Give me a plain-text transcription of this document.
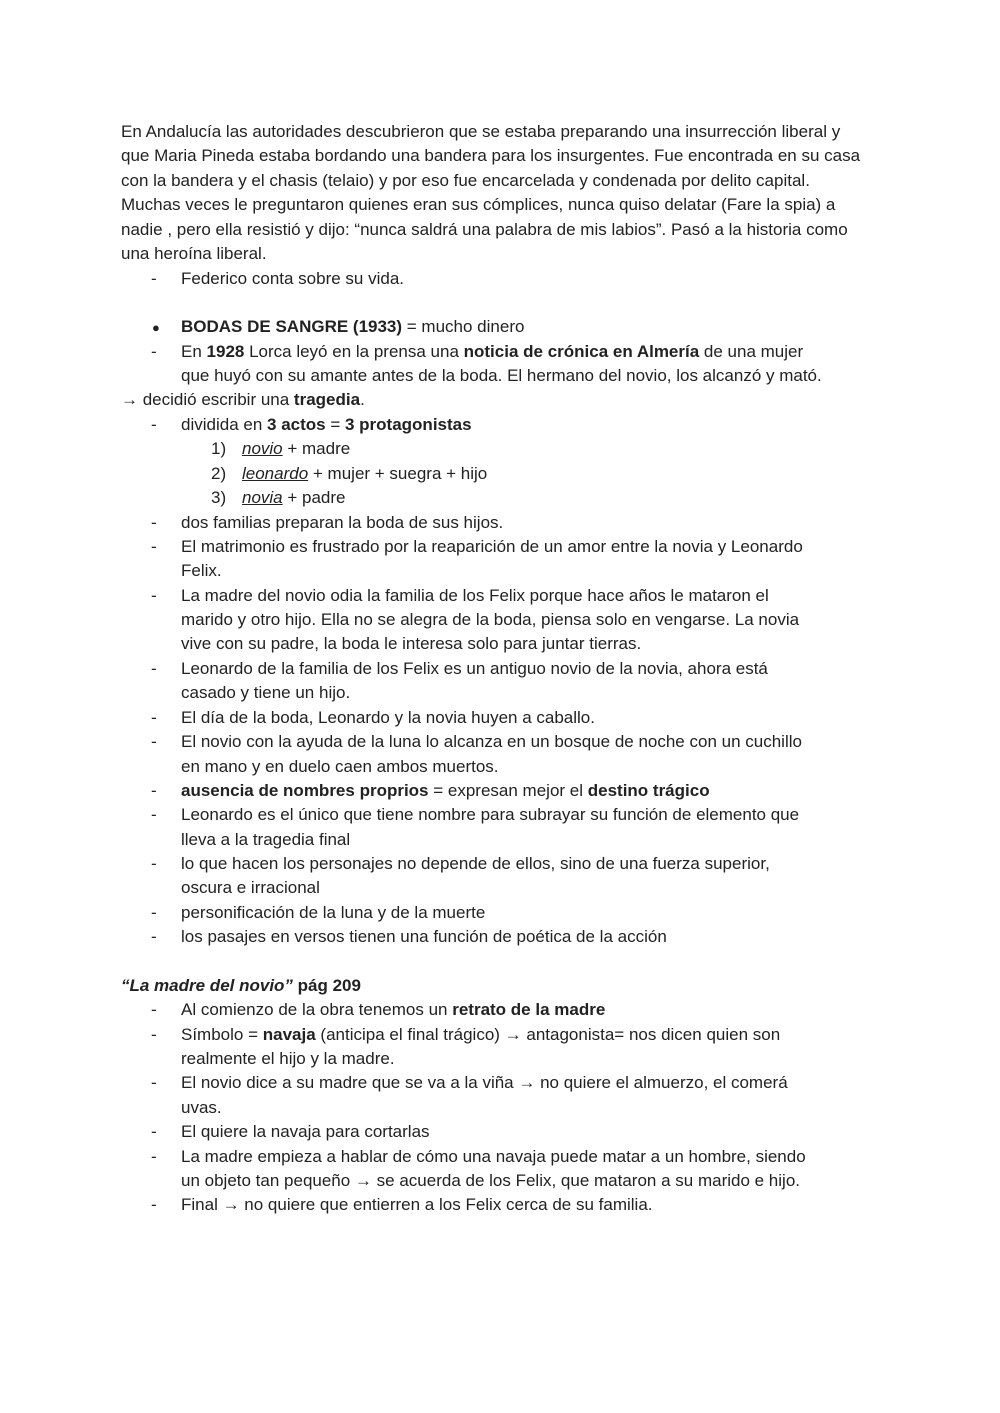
En Andalucía las autoridades descubrieron que se estaba preparando una insurrección liberal y que Maria Pineda estaba bordando una bandera para los insurgentes. Fue encontrada en su casa con la bandera y el chasis (telaio) y por eso fue encarcelada y condenada por delito capital. Muchas veces le preguntaron quienes eran sus cómplices, nunca quiso delatar (Fare la spia) a nadie , pero ella resistió y dijo: “nunca saldrá una palabra de mis labios”. Pasó a la historia como una heroína liberal.

-	Federico conta sobre su vida.
● BODAS DE SANGRE (1933) = mucho dinero
-	En 1928 Lorca leyó en la prensa una noticia de crónica en Almería de una mujer
que huyó con su amante antes de la boda. El hermano del novio, los alcanzó y mató.
→ decidió escribir una tragedia.
-	dividida en 3 actos = 3 protagonistas
1) novio + madre
2) leonardo + mujer + suegra + hijo
3) novia + padre
-	dos familias preparan la boda de sus hijos.
-	El matrimonio es frustrado por la reaparición de un amor entre la novia y Leonardo
Felix.
-	La madre del novio odia la familia de los Felix porque hace años le mataron el
marido y otro hijo. Ella no se alegra de la boda, piensa solo en vengarse. La novia
vive con su padre, la boda le interesa solo para juntar tierras.
-	Leonardo de la familia de los Felix es un antiguo novio de la novia, ahora está
casado y tiene un hijo.
-	El día de la boda, Leonardo y la novia huyen a caballo.
-	El novio con la ayuda de la luna lo alcanza en un bosque de noche con un cuchillo
en mano y en duelo caen ambos muertos.
-	ausencia de nombres proprios = expresan mejor el destino trágico
-	Leonardo es el único que tiene nombre para subrayar su función de elemento que
lleva a la tragedia final
-	lo que hacen los personajes no depende de ellos, sino de una fuerza superior,
oscura e irracional
-	personificación de la luna y de la muerte
-	los pasajes en versos tienen una función de poética de la acción
“La madre del novio” pág 209
-	Al comienzo de la obra tenemos un retrato de la madre
-	Símbolo = navaja (anticipa el final trágico) → antagonista= nos dicen quien son
realmente el hijo y la madre.
-	El novio dice a su madre que se va a la viña → no quiere el almuerzo, el comerá
uvas.
-	El quiere la navaja para cortarlas
-	La madre empieza a hablar de cómo una navaja puede matar a un hombre, siendo
un objeto tan pequeño → se acuerda de los Felix, que mataron a su marido e hijo.
-	Final → no quiere que entierren a los Felix cerca de su familia.
